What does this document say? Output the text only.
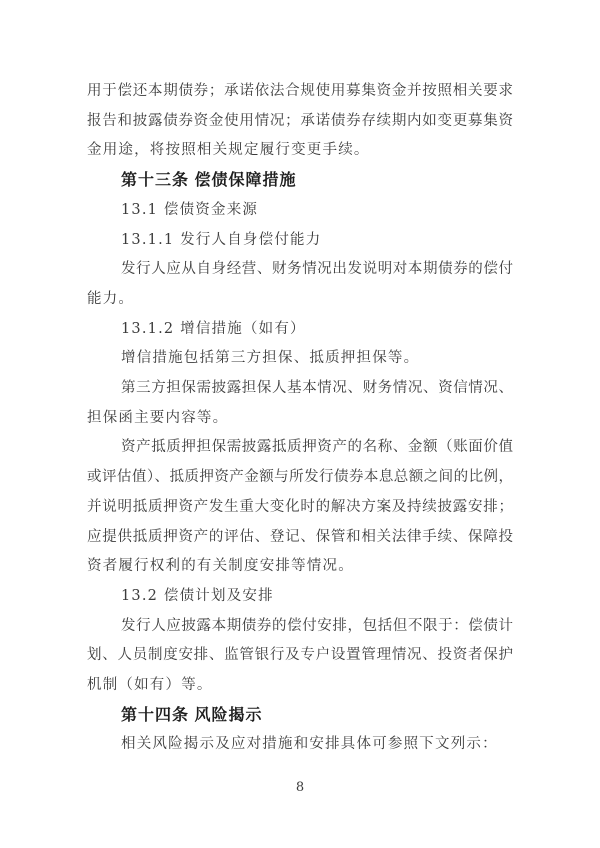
用于偿还本期债券；承诺依法合规使用募集资金并按照相关要求
报告和披露债券资金使用情况；承诺债券存续期内如变更募集资
金用途，将按照相关规定履行变更手续。
第十三条 偿债保障措施
13.1 偿债资金来源
13.1.1 发行人自身偿付能力
发行人应从自身经营、财务情况出发说明对本期债券的偿付
能力。
13.1.2 增信措施（如有）
增信措施包括第三方担保、抵质押担保等。
第三方担保需披露担保人基本情况、财务情况、资信情况、
担保函主要内容等。
资产抵质押担保需披露抵质押资产的名称、金额（账面价值
或评估值）、抵质押资产金额与所发行债券本息总额之间的比例，
并说明抵质押资产发生重大变化时的解决方案及持续披露安排；
应提供抵质押资产的评估、登记、保管和相关法律手续、保障投
资者履行权利的有关制度安排等情况。
13.2 偿债计划及安排
发行人应披露本期债券的偿付安排，包括但不限于：偿债计
划、人员制度安排、监管银行及专户设置管理情况、投资者保护
机制（如有）等。
第十四条 风险揭示
相关风险揭示及应对措施和安排具体可参照下文列示：
8
